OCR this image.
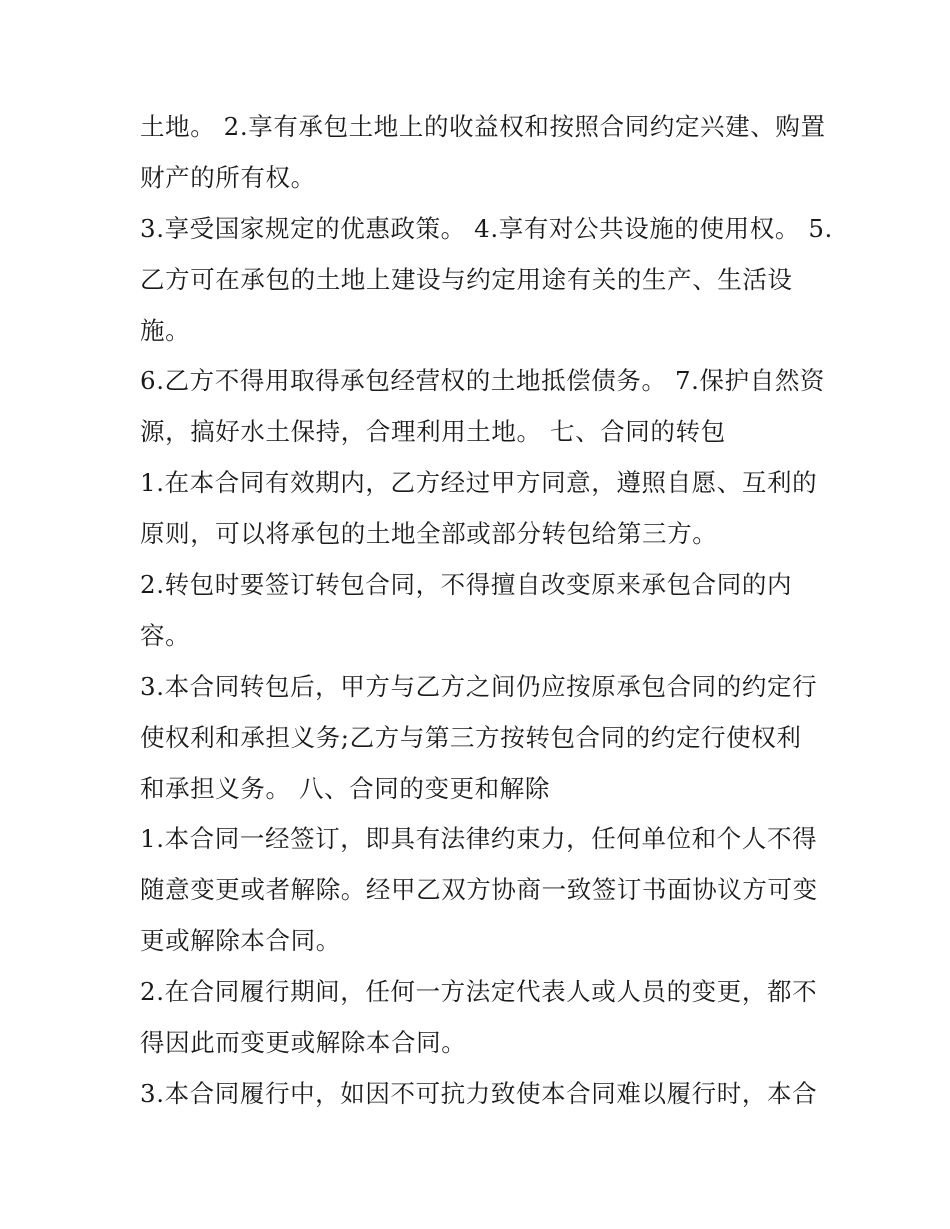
土地。 2.享有承包土地上的收益权和按照合同约定兴建、购置
财产的所有权。
3.享受国家规定的优惠政策。 4.享有对公共设施的使用权。 5.
乙方可在承包的土地上建设与约定用途有关的生产、生活设
施。
6.乙方不得用取得承包经营权的土地抵偿债务。 7.保护自然资
源，搞好水土保持，合理利用土地。 七、合同的转包
1.在本合同有效期内，乙方经过甲方同意，遵照自愿、互利的
原则，可以将承包的土地全部或部分转包给第三方。
2.转包时要签订转包合同，不得擅自改变原来承包合同的内
容。
3.本合同转包后，甲方与乙方之间仍应按原承包合同的约定行
使权利和承担义务;乙方与第三方按转包合同的约定行使权利
和承担义务。 八、合同的变更和解除
1.本合同一经签订，即具有法律约束力，任何单位和个人不得
随意变更或者解除。经甲乙双方协商一致签订书面协议方可变
更或解除本合同。
2.在合同履行期间，任何一方法定代表人或人员的变更，都不
得因此而变更或解除本合同。
3.本合同履行中，如因不可抗力致使本合同难以履行时，本合
